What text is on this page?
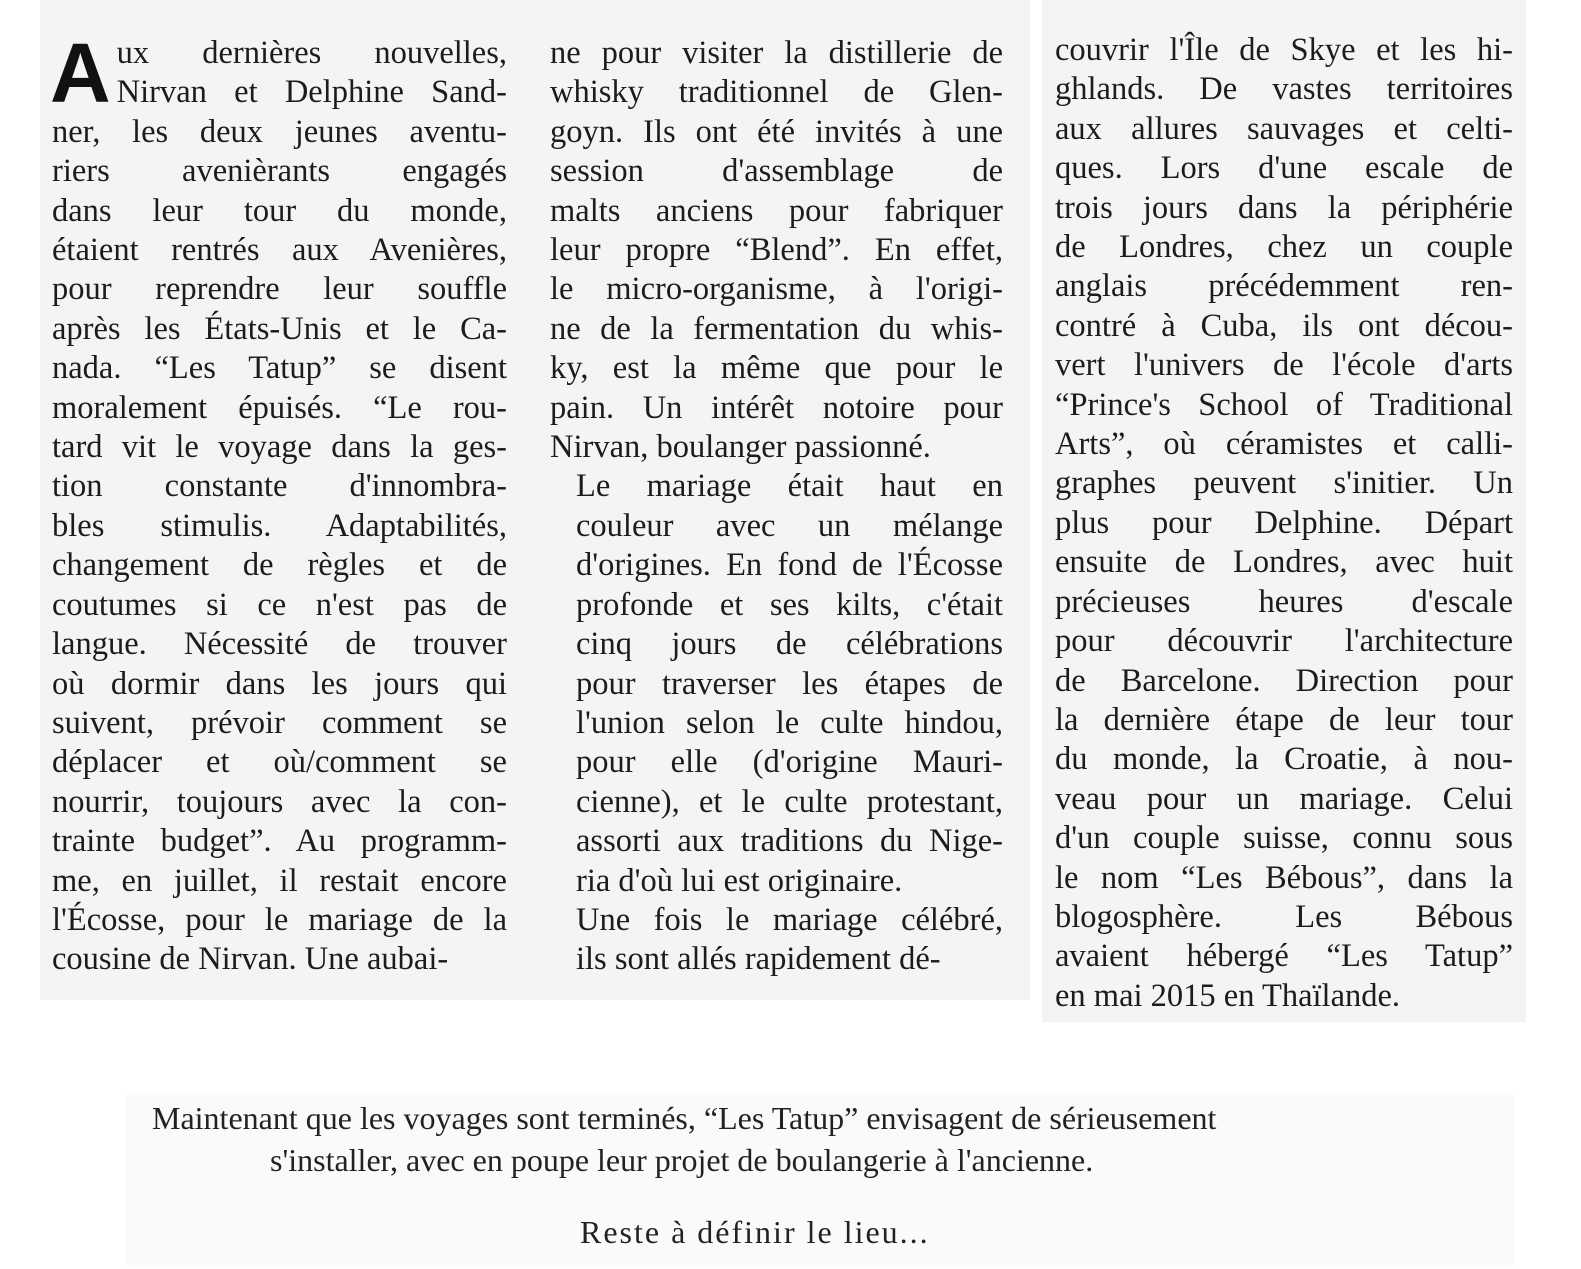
A ux dernières nouvelles,
Nirvan et Delphine Sand-
ner, les deux jeunes aventu-
riers avenièrants engagés
dans leur tour du monde,
étaient rentrés aux Avenières,
pour reprendre leur souffle
après les États-Unis et le Ca-
nada. “Les Tatup” se disent
moralement épuisés. “Le rou-
tard vit le voyage dans la ges-
tion constante d'innombra-
bles stimulis. Adaptabilités,
changement de règles et de
coutumes si ce n'est pas de
langue. Nécessité de trouver
où dormir dans les jours qui
suivent, prévoir comment se
déplacer et où/comment se
nourrir, toujours avec la con-
trainte budget”. Au programm-
me, en juillet, il restait encore
l'Écosse, pour le mariage de la
cousine de Nirvan. Une aubai-

ne pour visiter la distillerie de
whisky traditionnel de Glen-
goyn. Ils ont été invités à une
session d'assemblage de
malts anciens pour fabriquer
leur propre “Blend”. En effet,
le micro-organisme, à l'origi-
ne de la fermentation du whis-
ky, est la même que pour le
pain. Un intérêt notoire pour
Nirvan, boulanger passionné.

Le mariage était haut en
couleur avec un mélange
d'origines. En fond de l'Écosse
profonde et ses kilts, c'était
cinq jours de célébrations
pour traverser les étapes de
l'union selon le culte hindou,
pour elle (d'origine Mauri-
cienne), et le culte protestant,
assorti aux traditions du Nige-
ria d'où lui est originaire.

Une fois le mariage célébré,
ils sont allés rapidement dé-

couvrir l'Île de Skye et les hi-
ghlands. De vastes territoires
aux allures sauvages et celti-
ques. Lors d'une escale de
trois jours dans la périphérie
de Londres, chez un couple
anglais précédemment ren-
contré à Cuba, ils ont décou-
vert l'univers de l'école d'arts
“Prince's School of Traditional
Arts”, où céramistes et calli-
graphes peuvent s'initier. Un
plus pour Delphine. Départ
ensuite de Londres, avec huit
précieuses heures d'escale
pour découvrir l'architecture
de Barcelone. Direction pour
la dernière étape de leur tour
du monde, la Croatie, à nou-
veau pour un mariage. Celui
d'un couple suisse, connu sous
le nom “Les Bébous”, dans la
blogosphère. Les Bébous
avaient hébergé “Les Tatup”
en mai 2015 en Thaïlande.

Maintenant que les voyages sont terminés, “Les Tatup” envisagent de sérieusement
s'installer, avec en poupe leur projet de boulangerie à l'ancienne.
Reste à définir le lieu...
